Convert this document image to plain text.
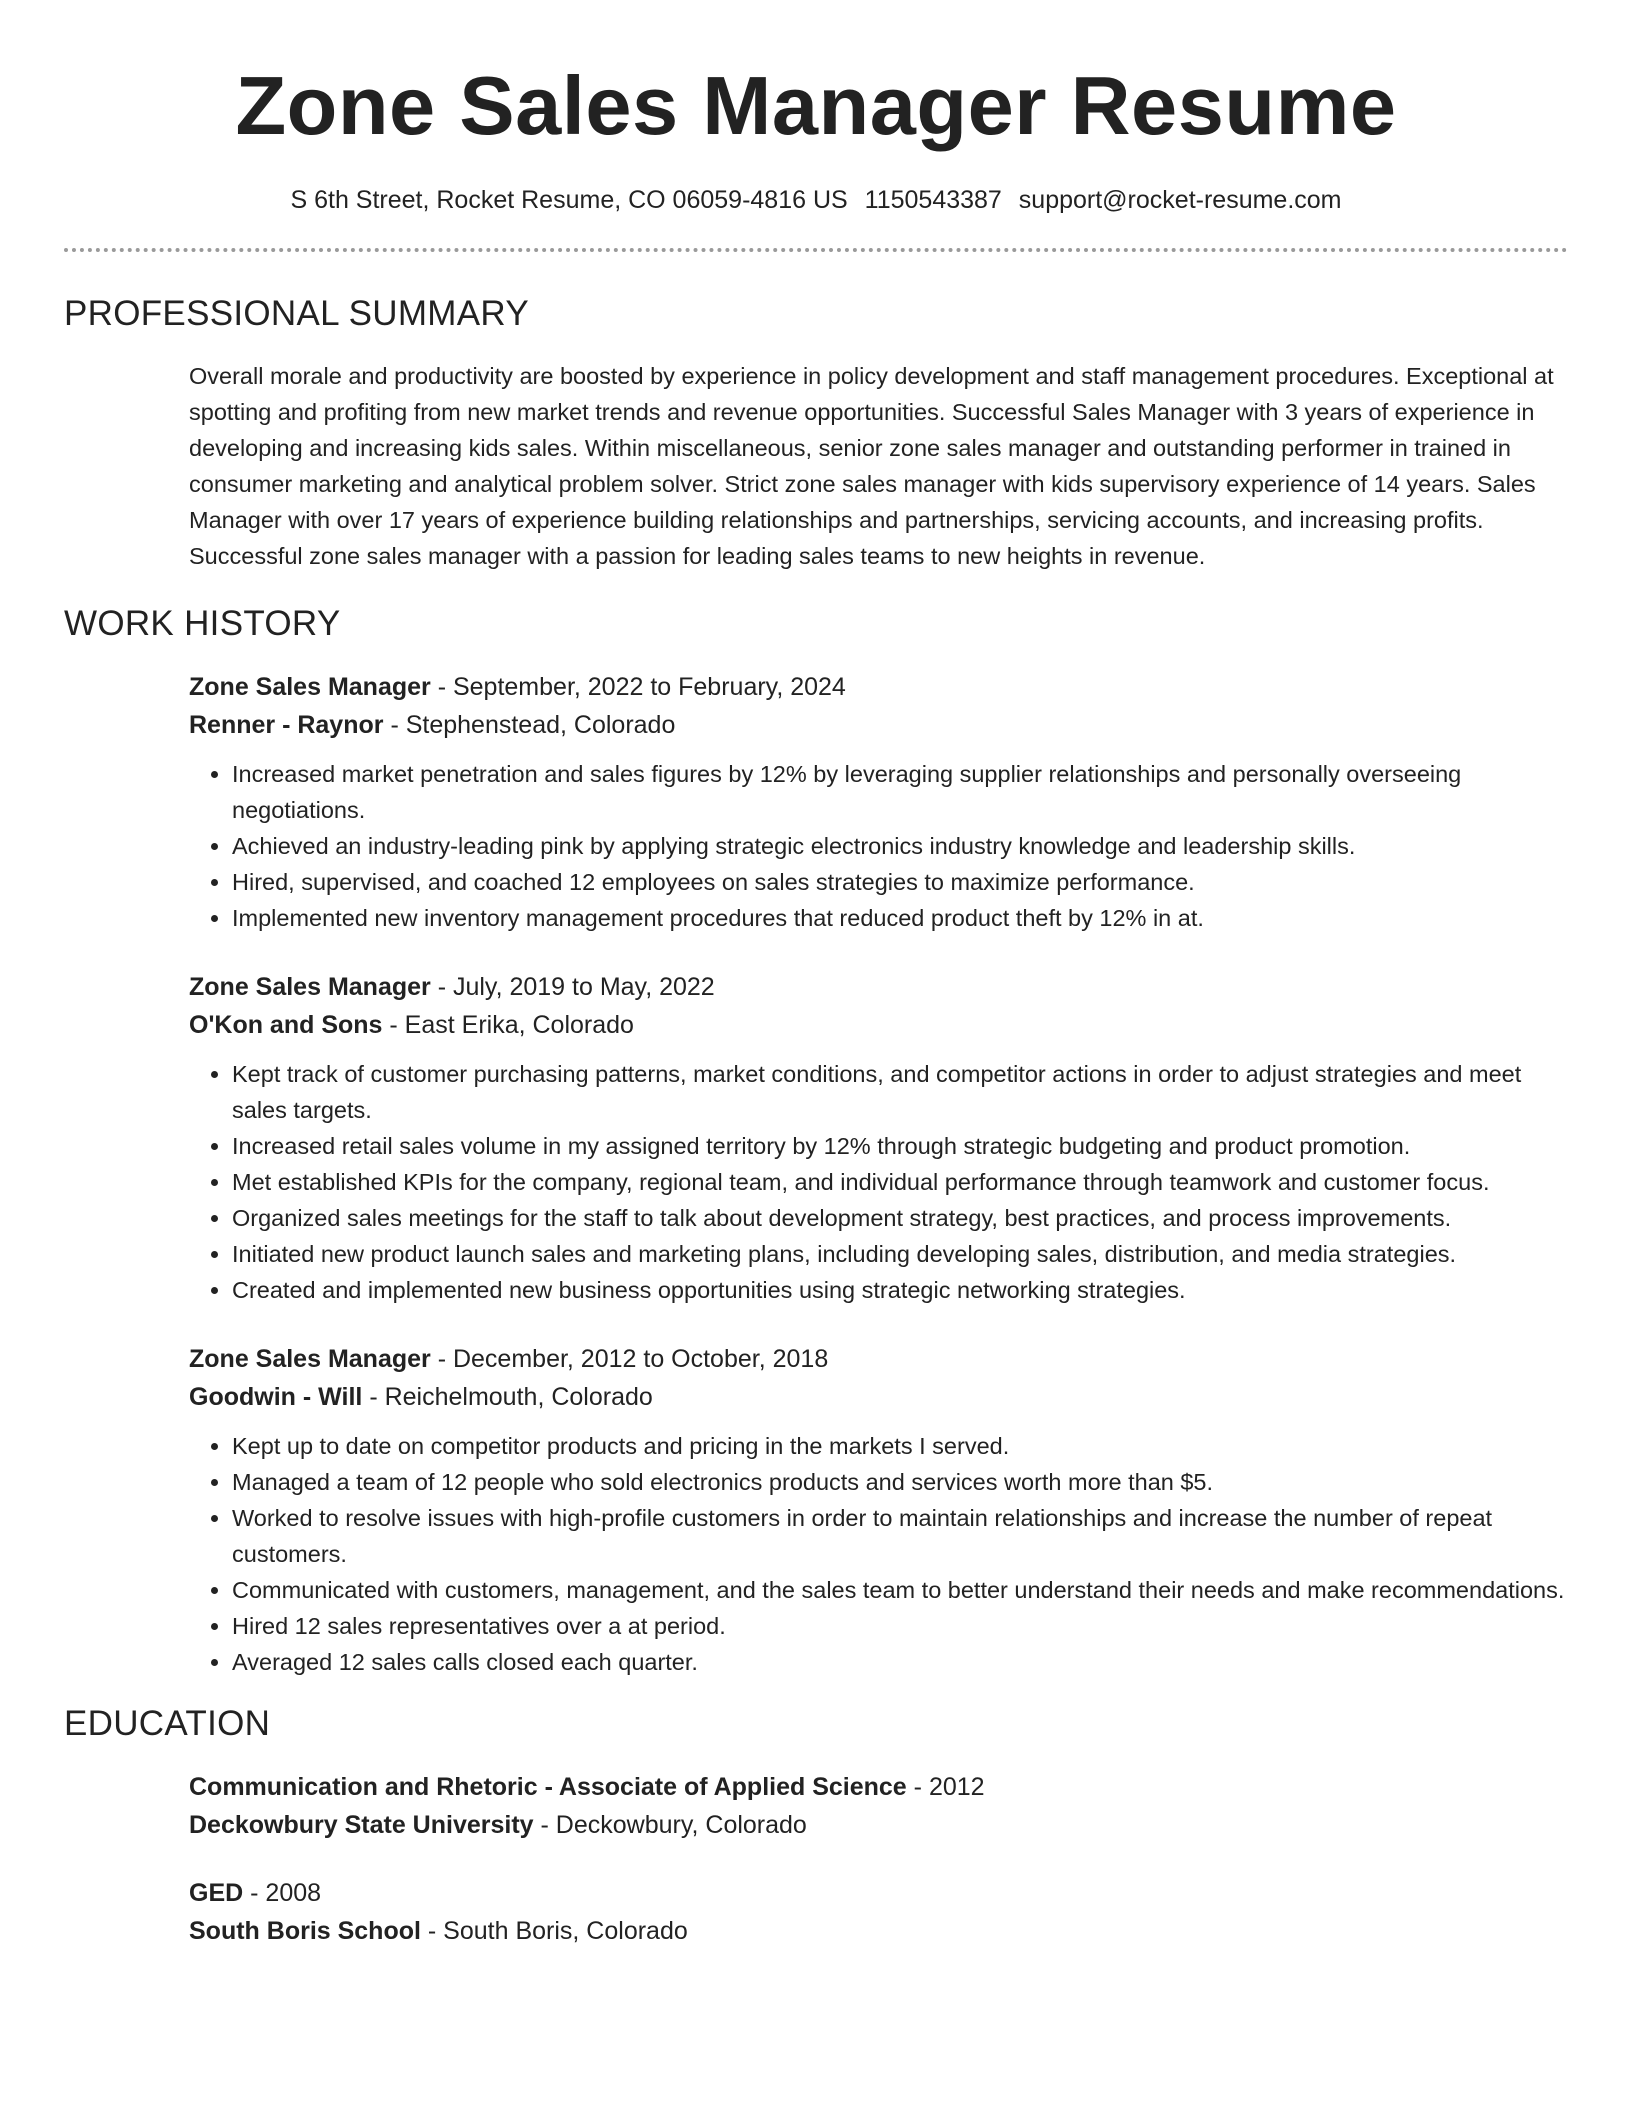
Zone Sales Manager Resume
S 6th Street, Rocket Resume, CO 06059-4816 US 1150543387 support@rocket-resume.com
PROFESSIONAL SUMMARY

Overall morale and productivity are boosted by experience in policy development and staff management procedures. Exceptional at spotting and profiting from new market trends and revenue opportunities. Successful Sales Manager with 3 years of experience in developing and increasing kids sales. Within miscellaneous, senior zone sales manager and outstanding performer in trained in consumer marketing and analytical problem solver. Strict zone sales manager with kids supervisory experience of 14 years. Sales Manager with over 17 years of experience building relationships and partnerships, servicing accounts, and increasing profits. Successful zone sales manager with a passion for leading sales teams to new heights in revenue.

WORK HISTORY

Zone Sales Manager - September, 2022 to February, 2024

Renner - Raynor - Stephenstead, Colorado

• Increased market penetration and sales figures by 12% by leveraging supplier relationships and personally overseeing negotiations.
• Achieved an industry-leading pink by applying strategic electronics industry knowledge and leadership skills.
• Hired, supervised, and coached 12 employees on sales strategies to maximize performance.
• Implemented new inventory management procedures that reduced product theft by 12% in at.

Zone Sales Manager - July, 2019 to May, 2022

O'Kon and Sons - East Erika, Colorado

• Kept track of customer purchasing patterns, market conditions, and competitor actions in order to adjust strategies and meet sales targets.
• Increased retail sales volume in my assigned territory by 12% through strategic budgeting and product promotion.
• Met established KPIs for the company, regional team, and individual performance through teamwork and customer focus.
• Organized sales meetings for the staff to talk about development strategy, best practices, and process improvements.
• Initiated new product launch sales and marketing plans, including developing sales, distribution, and media strategies.
• Created and implemented new business opportunities using strategic networking strategies.

Zone Sales Manager - December, 2012 to October, 2018

Goodwin - Will - Reichelmouth, Colorado

• Kept up to date on competitor products and pricing in the markets I served.
• Managed a team of 12 people who sold electronics products and services worth more than $5.
• Worked to resolve issues with high-profile customers in order to maintain relationships and increase the number of repeat customers.
• Communicated with customers, management, and the sales team to better understand their needs and make recommendations.
• Hired 12 sales representatives over a at period.
• Averaged 12 sales calls closed each quarter.
EDUCATION

Communication and Rhetoric - Associate of Applied Science - 2012

Deckowbury State University - Deckowbury, Colorado

GED - 2008

South Boris School - South Boris, Colorado
